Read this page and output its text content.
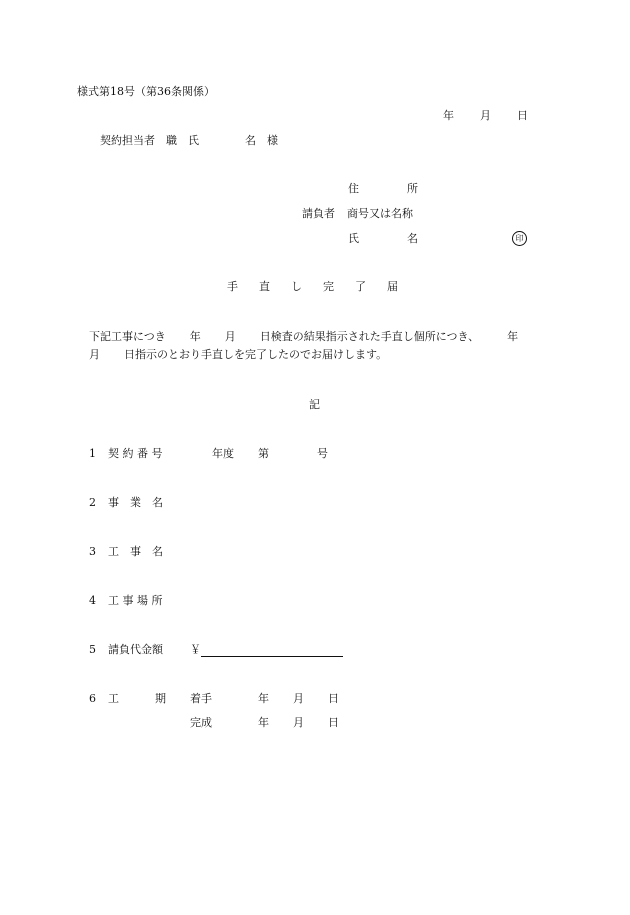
様式第18号（第36条関係）
年 月 日
契約担当者　職　氏	名　様
住	所
請負者 商号又は名称
氏	名	印
手 直 し 完 了 届
下記工事につき 年 月 日検査の結果指示された手直し個所につき、	年
月 日指示のとおり手直しを完了したのでお届けします。
記
1 契 約 番 号	年度 第	号
2 事　業　名
3 工　事　名
4 工 事 場 所
5 請負代金額 ￥
6 工	期 着手	年 月 日
完成	年 月 日
